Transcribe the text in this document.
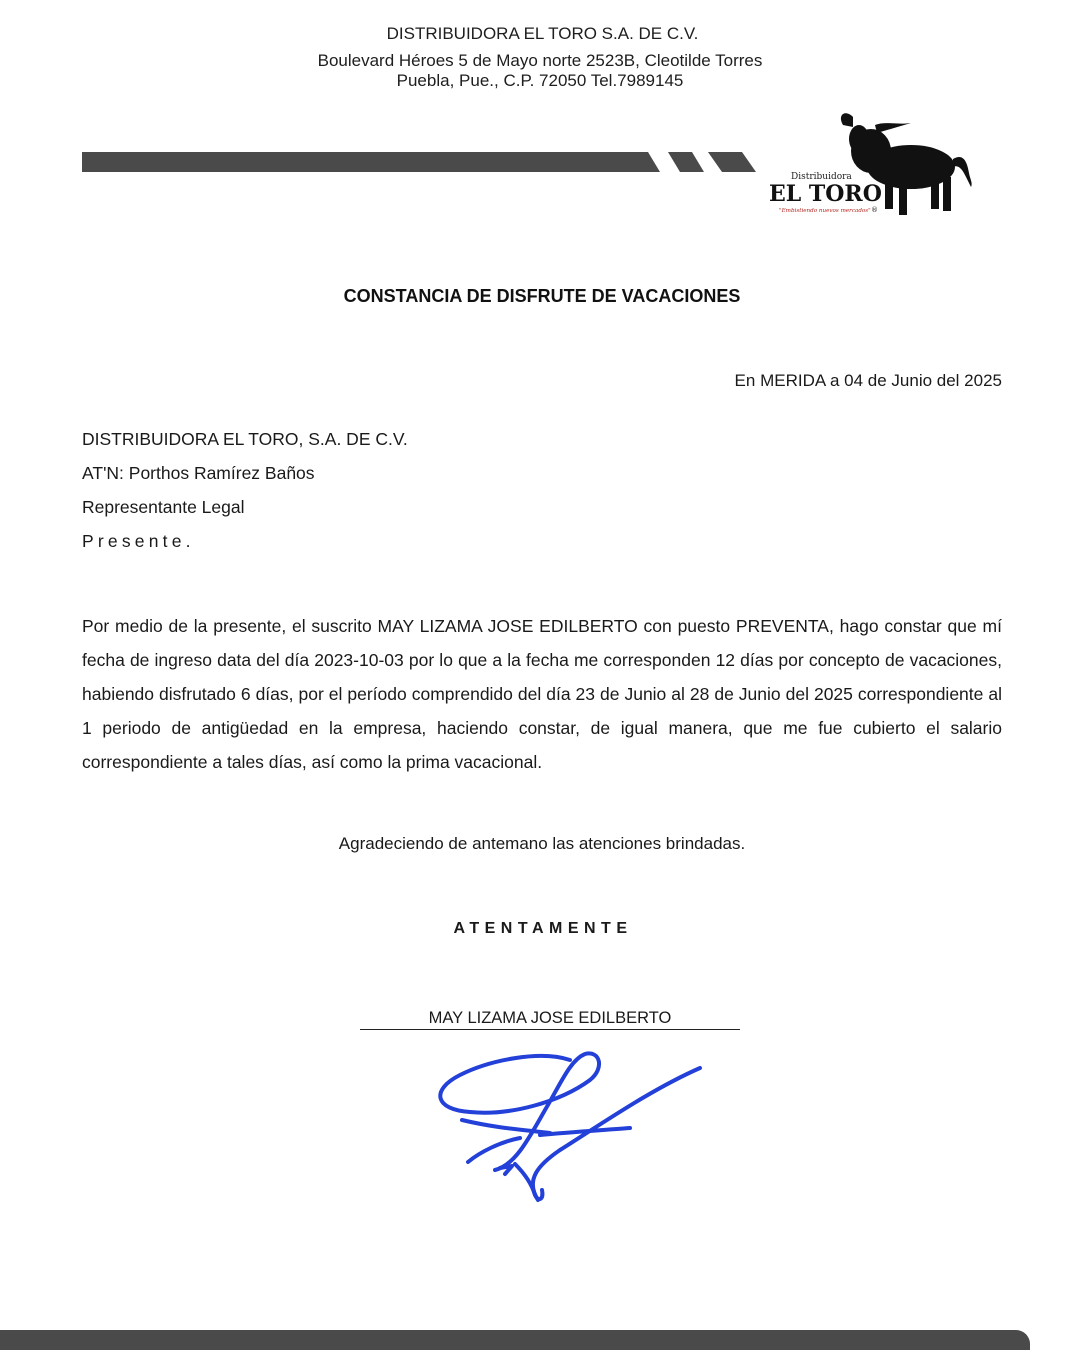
DISTRIBUIDORA EL TORO S.A. DE C.V.
Boulevard Héroes 5 de Mayo norte 2523B, Cleotilde Torres
Puebla, Pue., C.P. 72050 Tel.7989145
Distribuidora
EL TORO
"Embistiendo nuevos mercados" ®
CONSTANCIA DE DISFRUTE DE VACACIONES
En MERIDA a 04 de Junio del 2025
DISTRIBUIDORA EL TORO, S.A. DE C.V.
AT'N: Porthos Ramírez Baños
Representante Legal
Presente.

Por medio de la presente, el suscrito MAY LIZAMA JOSE EDILBERTO con puesto PREVENTA, hago constar que mí fecha de ingreso data del día 2023-10-03 por lo que a la fecha me corresponden 12 días por concepto de vacaciones, habiendo disfrutado 6 días, por el período comprendido del día 23 de Junio al 28 de Junio del 2025 correspondiente al 1 periodo de antigüedad en la empresa, haciendo constar, de igual manera, que me fue cubierto el salario correspondiente a tales días, así como la prima vacacional.

Agradeciendo de antemano las atenciones brindadas.
ATENTAMENTE
MAY LIZAMA JOSE EDILBERTO
